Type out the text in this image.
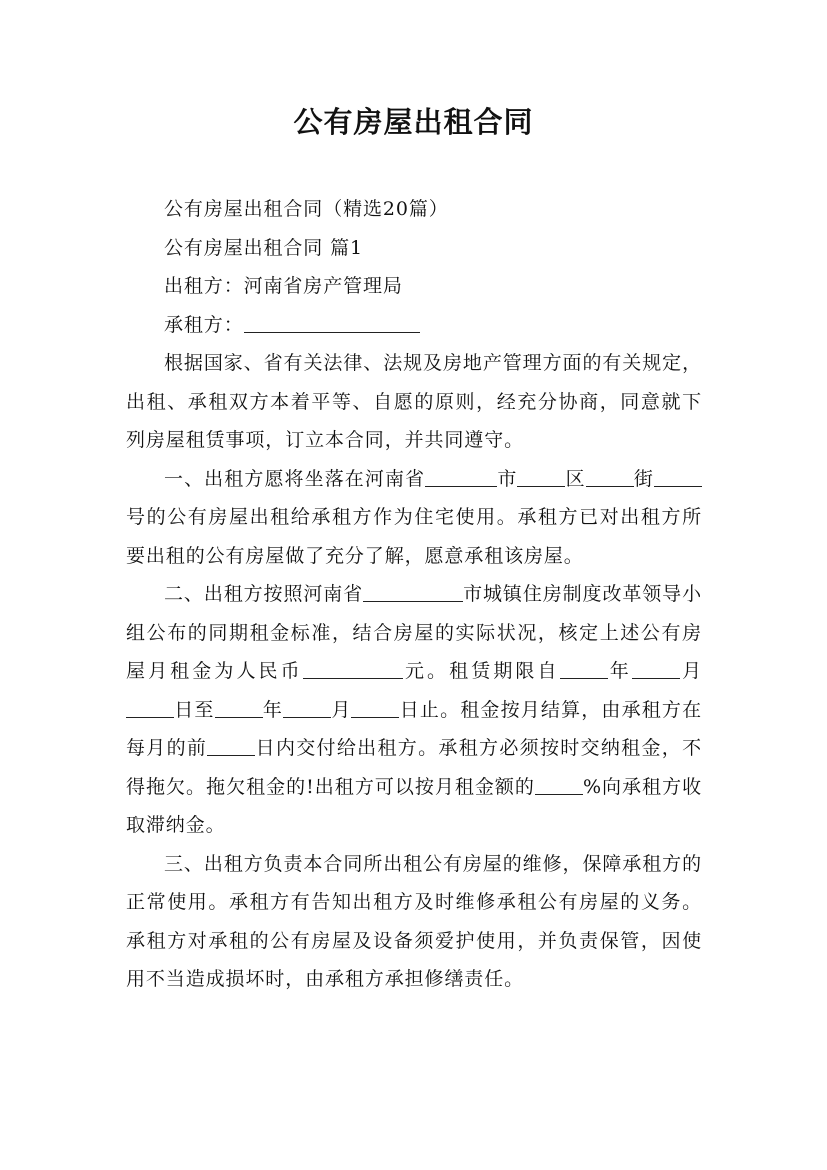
公有房屋出租合同

公有房屋出租合同（精选20篇）

公有房屋出租合同 篇1

出租方：河南省房产管理局

承租方：

根据国家、省有关法律、法规及房地产管理方面的有关规定，出租、承租双方本着平等、自愿的原则，经充分协商，同意就下列房屋租赁事项，订立本合同，并共同遵守。

一、出租方愿将坐落在河南省	市	区	街号的公有房屋出租给承租方作为住宅使用。承租方已对出租方所要出租的公有房屋做了充分了解，愿意承租该房屋。

二、出租方按照河南省	市城镇住房制度改革领导小组公布的同期租金标准，结合房屋的实际状况，核定上述公有房屋月租金为人民币	元。租赁期限自	年	月日至	年	月	日止。租金按月结算，由承租方在每月的前	日内交付给出租方。承租方必须按时交纳租金，不得拖欠。拖欠租金的!出租方可以按月租金额的	%向承租方收取滞纳金。

三、出租方负责本合同所出租公有房屋的维修，保障承租方的正常使用。承租方有告知出租方及时维修承租公有房屋的义务。承租方对承租的公有房屋及设备须爱护使用，并负责保管，因使用不当造成损坏时，由承租方承担修缮责任。
